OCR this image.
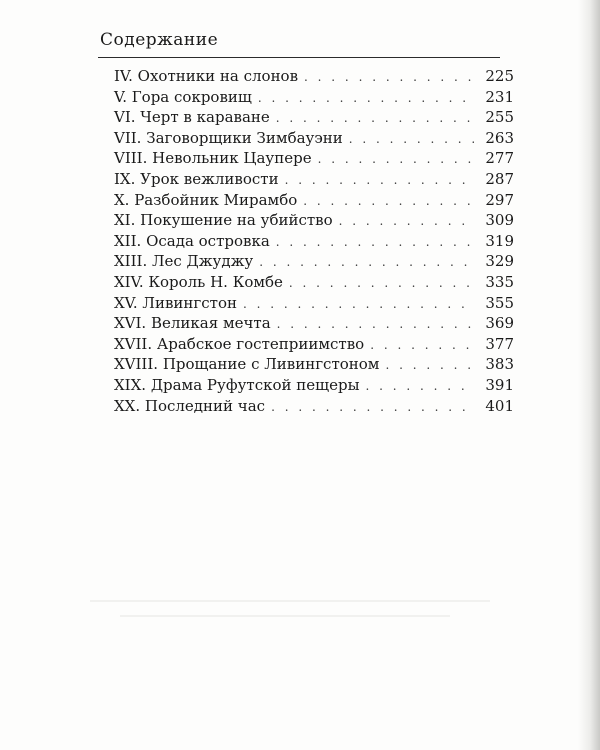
Содержание
IV. Охотники на слонов . . .	225
V. Гора сокровищ . . .	231
VI. Черт в караване . . .	255
VII. Заговорщики Зимбауэни . . .	263
VIII. Невольник Цаупере . . .	277
IX. Урок вежливости . . .	287
X. Разбойник Мирамбо . . .	297
XI. Покушение на убийство . . .	309
XII. Осада островка . . .	319
XIII. Лес Джуджу . . .	329
XIV. Король Н. Комбе . . .	335
XV. Ливингстон . . .	355
XVI. Великая мечта . . .	369
XVII. Арабское гостеприимство . . .	377
XVIII. Прощание с Ливингстоном . . .	383
XIX. Драма Руфутской пещеры . . .	391
XX. Последний час . . .	401
